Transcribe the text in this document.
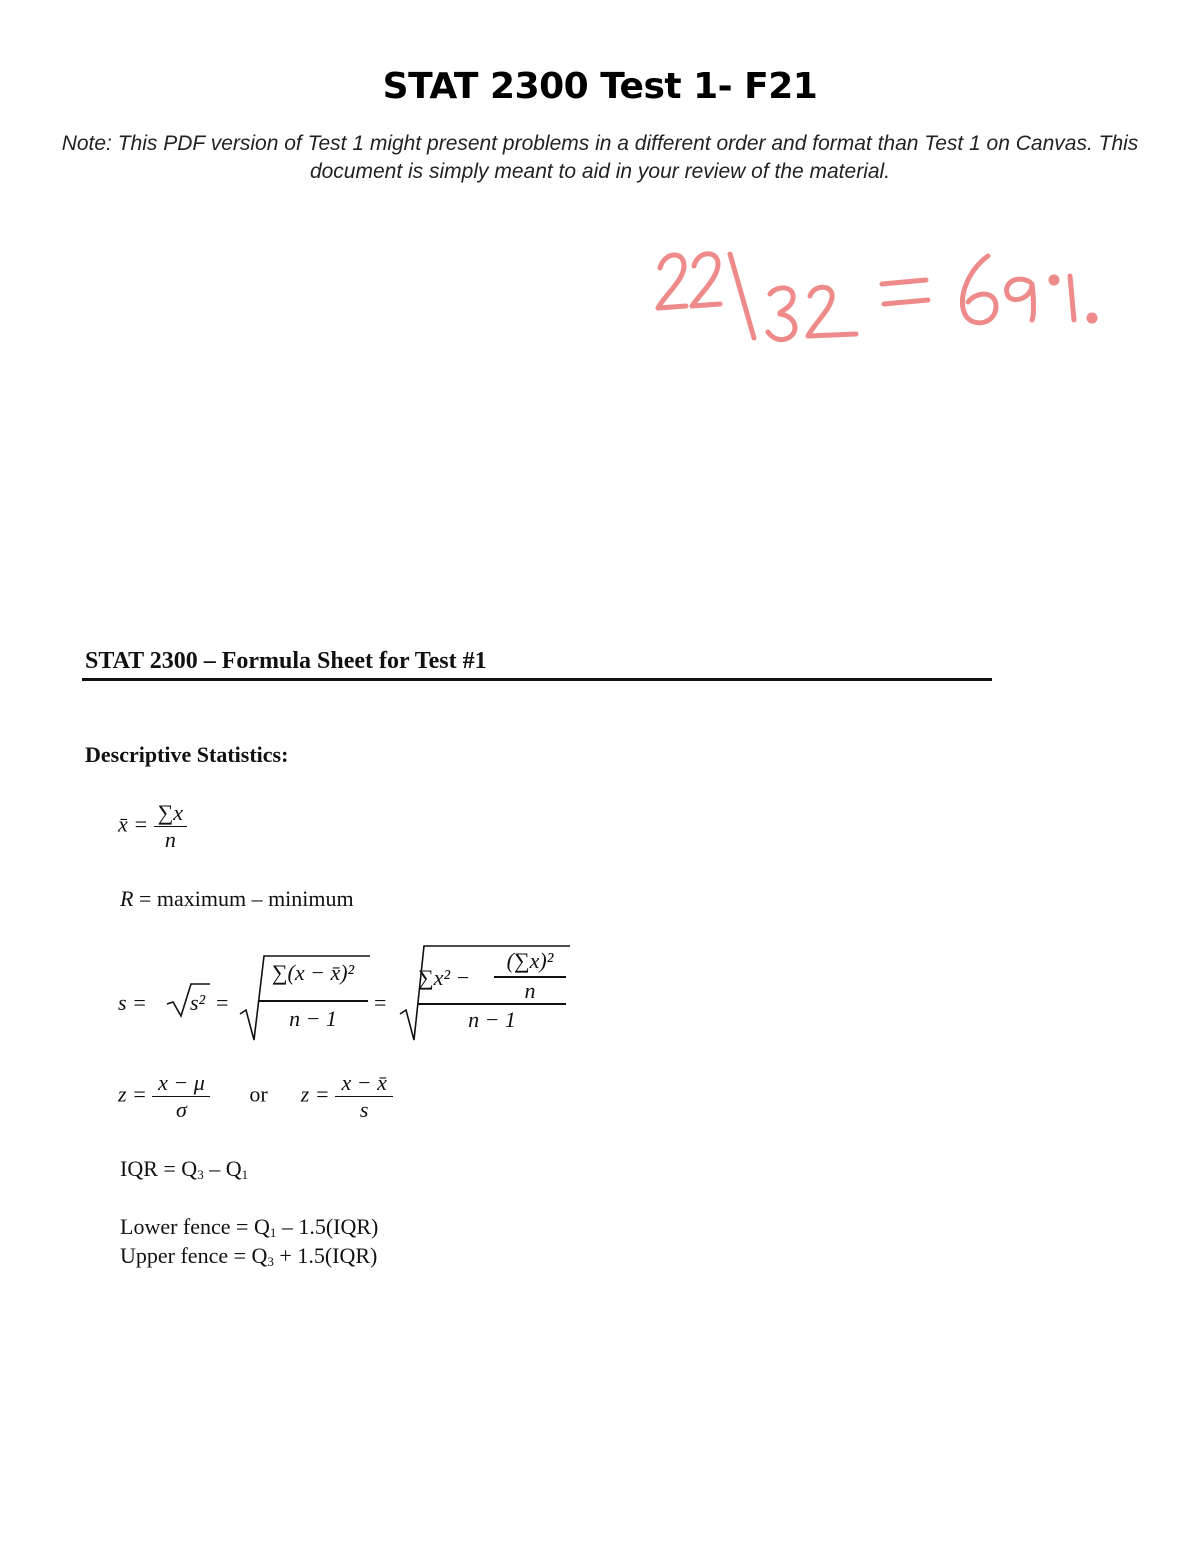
STAT 2300 Test 1- F21
Note: This PDF version of Test 1 might present problems in a different order and format than Test 1 on Canvas. This document is simply meant to aid in your review of the material.
STAT 2300 – Formula Sheet for Test #1
Descriptive Statistics:
x̄ = $\frac{\sum x}{n}$
R = maximum – minimum
s = s² =
∑(x − x̄)²
n − 1
=
∑x² −
(∑x)²
n
n − 1
$z = \frac{x - \mu}{\sigma}$ or $z = \frac{x - x̄}{s}$
IQR = $Q_3 - Q_1$
Lower fence = $Q_1 - 1.5(IQR)$
Upper fence = $Q_3 + 1.5(IQR)$
